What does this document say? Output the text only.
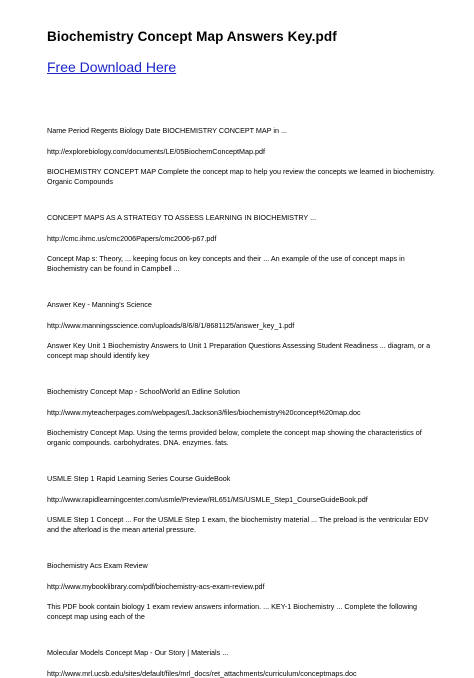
Biochemistry Concept Map Answers Key.pdf
Free Download Here
Name Period Regents Biology Date BIOCHEMISTRY CONCEPT MAP in ...
http://explorebiology.com/documents/LE/05BiochemConceptMap.pdf
BIOCHEMISTRY CONCEPT MAP Complete the concept map to help you review the concepts we learned in biochemistry. Organic Compounds
CONCEPT MAPS AS A STRATEGY TO ASSESS LEARNING IN BIOCHEMISTRY ...
http://cmc.ihmc.us/cmc2006Papers/cmc2006-p67.pdf
Concept Map s: Theory, ... keeping focus on key concepts and their ... An example of the use of concept maps in Biochemistry can be found in Campbell ...
Answer Key - Manning's Science
http://www.manningsscience.com/uploads/8/6/8/1/8681125/answer_key_1.pdf
Answer Key Unit 1 Biochemistry Answers to Unit 1 Preparation Questions Assessing Student Readiness ... diagram, or a concept map should identify key
Biochemistry Concept Map - SchoolWorld an Edline Solution
http://www.myteacherpages.com/webpages/LJackson3/files/biochemistry%20concept%20map.doc
Biochemistry Concept Map. Using the terms provided below, complete the concept map showing the characteristics of organic compounds. carbohydrates. DNA. enzymes. fats.
USMLE Step 1 Rapid Learning Series Course GuideBook
http://www.rapidlearningcenter.com/usmle/Preview/RL651/MS/USMLE_Step1_CourseGuideBook.pdf
USMLE Step 1 Concept ... For the USMLE Step 1 exam, the biochemistry material ... The preload is the ventricular EDV and the afterload is the mean arterial pressure.
Biochemistry Acs Exam Review
http://www.mybooklibrary.com/pdf/biochemistry-acs-exam-review.pdf
This PDF book contain biology 1 exam review answers information. ... KEY-1 Biochemistry ... Complete the following concept map using each of the
Molecular Models Concept Map - Our Story | Materials ...
http://www.mrl.ucsb.edu/sites/default/files/mrl_docs/ret_attachments/curriculum/conceptmaps.doc
